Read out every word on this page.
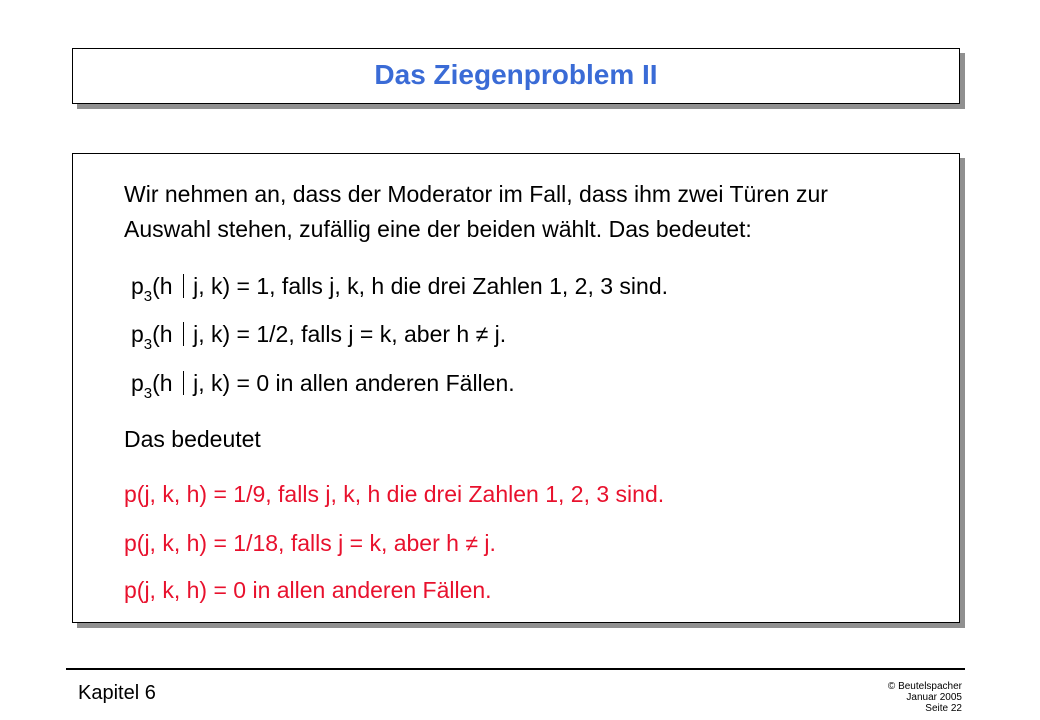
Das Ziegenproblem II
Wir nehmen an, dass der Moderator im Fall, dass ihm zwei Türen zur
Auswahl stehen, zufällig eine der beiden wählt. Das bedeutet:
$p_3(h$ j, k) = 1, falls j, k, h die drei Zahlen 1, 2, 3 sind.
$p_3(h$ j, k) = 1/2, falls j = k, aber h ≠ j.
$p_3(h$ j, k) = 0 in allen anderen Fällen.
Das bedeutet
p(j, k, h) = 1/9, falls j, k, h die drei Zahlen 1, 2, 3 sind.
p(j, k, h) = 1/18, falls j = k, aber h ≠ j.
p(j, k, h) = 0 in allen anderen Fällen.
Kapitel 6	© Beutelspacher
Januar 2005
Seite 22
